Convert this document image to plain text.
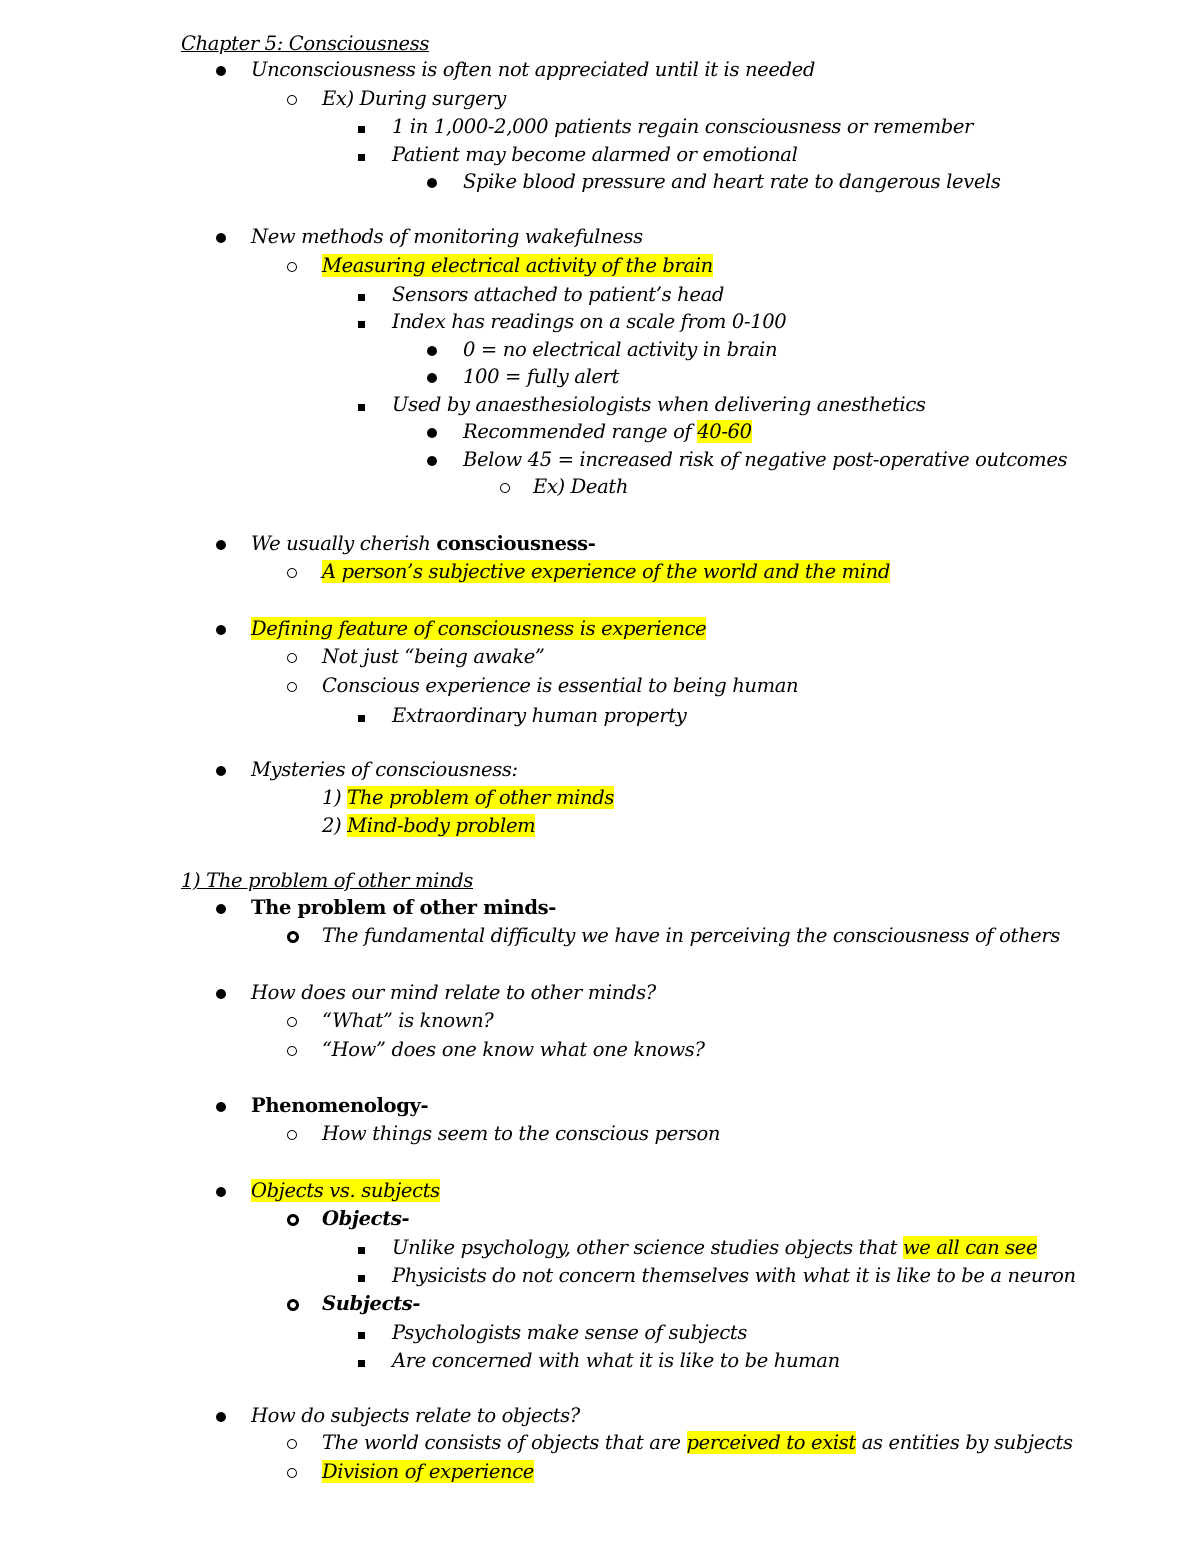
Chapter 5: Consciousness
Unconsciousness is often not appreciated until it is needed
Ex) During surgery
1 in 1,000-2,000 patients regain consciousness or remember
Patient may become alarmed or emotional
Spike blood pressure and heart rate to dangerous levels
New methods of monitoring wakefulness
Measuring electrical activity of the brain
Sensors attached to patient’s head
Index has readings on a scale from 0-100
0 = no electrical activity in brain
100 = fully alert
Used by anaesthesiologists when delivering anesthetics
Recommended range of 40-60
Below 45 = increased risk of negative post-operative outcomes
Ex) Death
We usually cherish consciousness-
A person’s subjective experience of the world and the mind
Defining feature of consciousness is experience
Not just “being awake”
Conscious experience is essential to being human
Extraordinary human property
Mysteries of consciousness:
1) The problem of other minds
2) Mind-body problem
1) The problem of other minds
The problem of other minds-
The fundamental difficulty we have in perceiving the consciousness of others
How does our mind relate to other minds?
“What” is known?
“How” does one know what one knows?
Phenomenology-
How things seem to the conscious person
Objects vs. subjects
Objects-
Unlike psychology, other science studies objects that we all can see
Physicists do not concern themselves with what it is like to be a neuron
Subjects-
Psychologists make sense of subjects
Are concerned with what it is like to be human
How do subjects relate to objects?
The world consists of objects that are perceived to exist as entities by subjects
Division of experience
